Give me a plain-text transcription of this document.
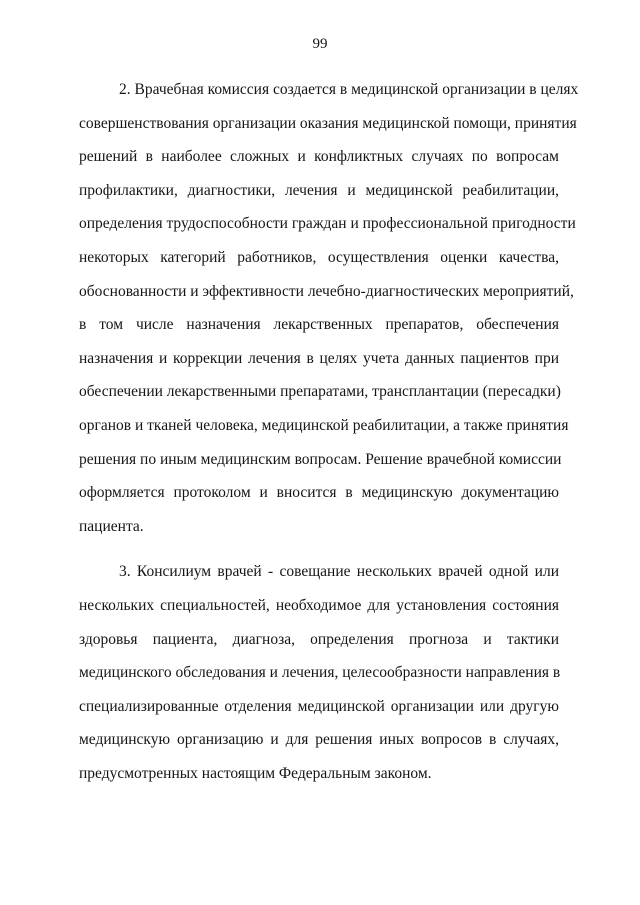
99

2. Врачебная комиссия создается в медицинской организации в целях
совершенствования организации оказания медицинской помощи, принятия
решений в наиболее сложных и конфликтных случаях по вопросам
профилактики, диагностики, лечения и медицинской реабилитации,
определения трудоспособности граждан и профессиональной пригодности
некоторых категорий работников, осуществления оценки качества,
обоснованности и эффективности лечебно-диагностических мероприятий,
в том числе назначения лекарственных препаратов, обеспечения
назначения и коррекции лечения в целях учета данных пациентов при
обеспечении лекарственными препаратами, трансплантации (пересадки)
органов и тканей человека, медицинской реабилитации, а также принятия
решения по иным медицинским вопросам. Решение врачебной комиссии
оформляется протоколом и вносится в медицинскую документацию
пациента.

3. Консилиум врачей - совещание нескольких врачей одной или
нескольких специальностей, необходимое для установления состояния
здоровья пациента, диагноза, определения прогноза и тактики
медицинского обследования и лечения, целесообразности направления в
специализированные отделения медицинской организации или другую
медицинскую организацию и для решения иных вопросов в случаях,
предусмотренных настоящим Федеральным законом.
